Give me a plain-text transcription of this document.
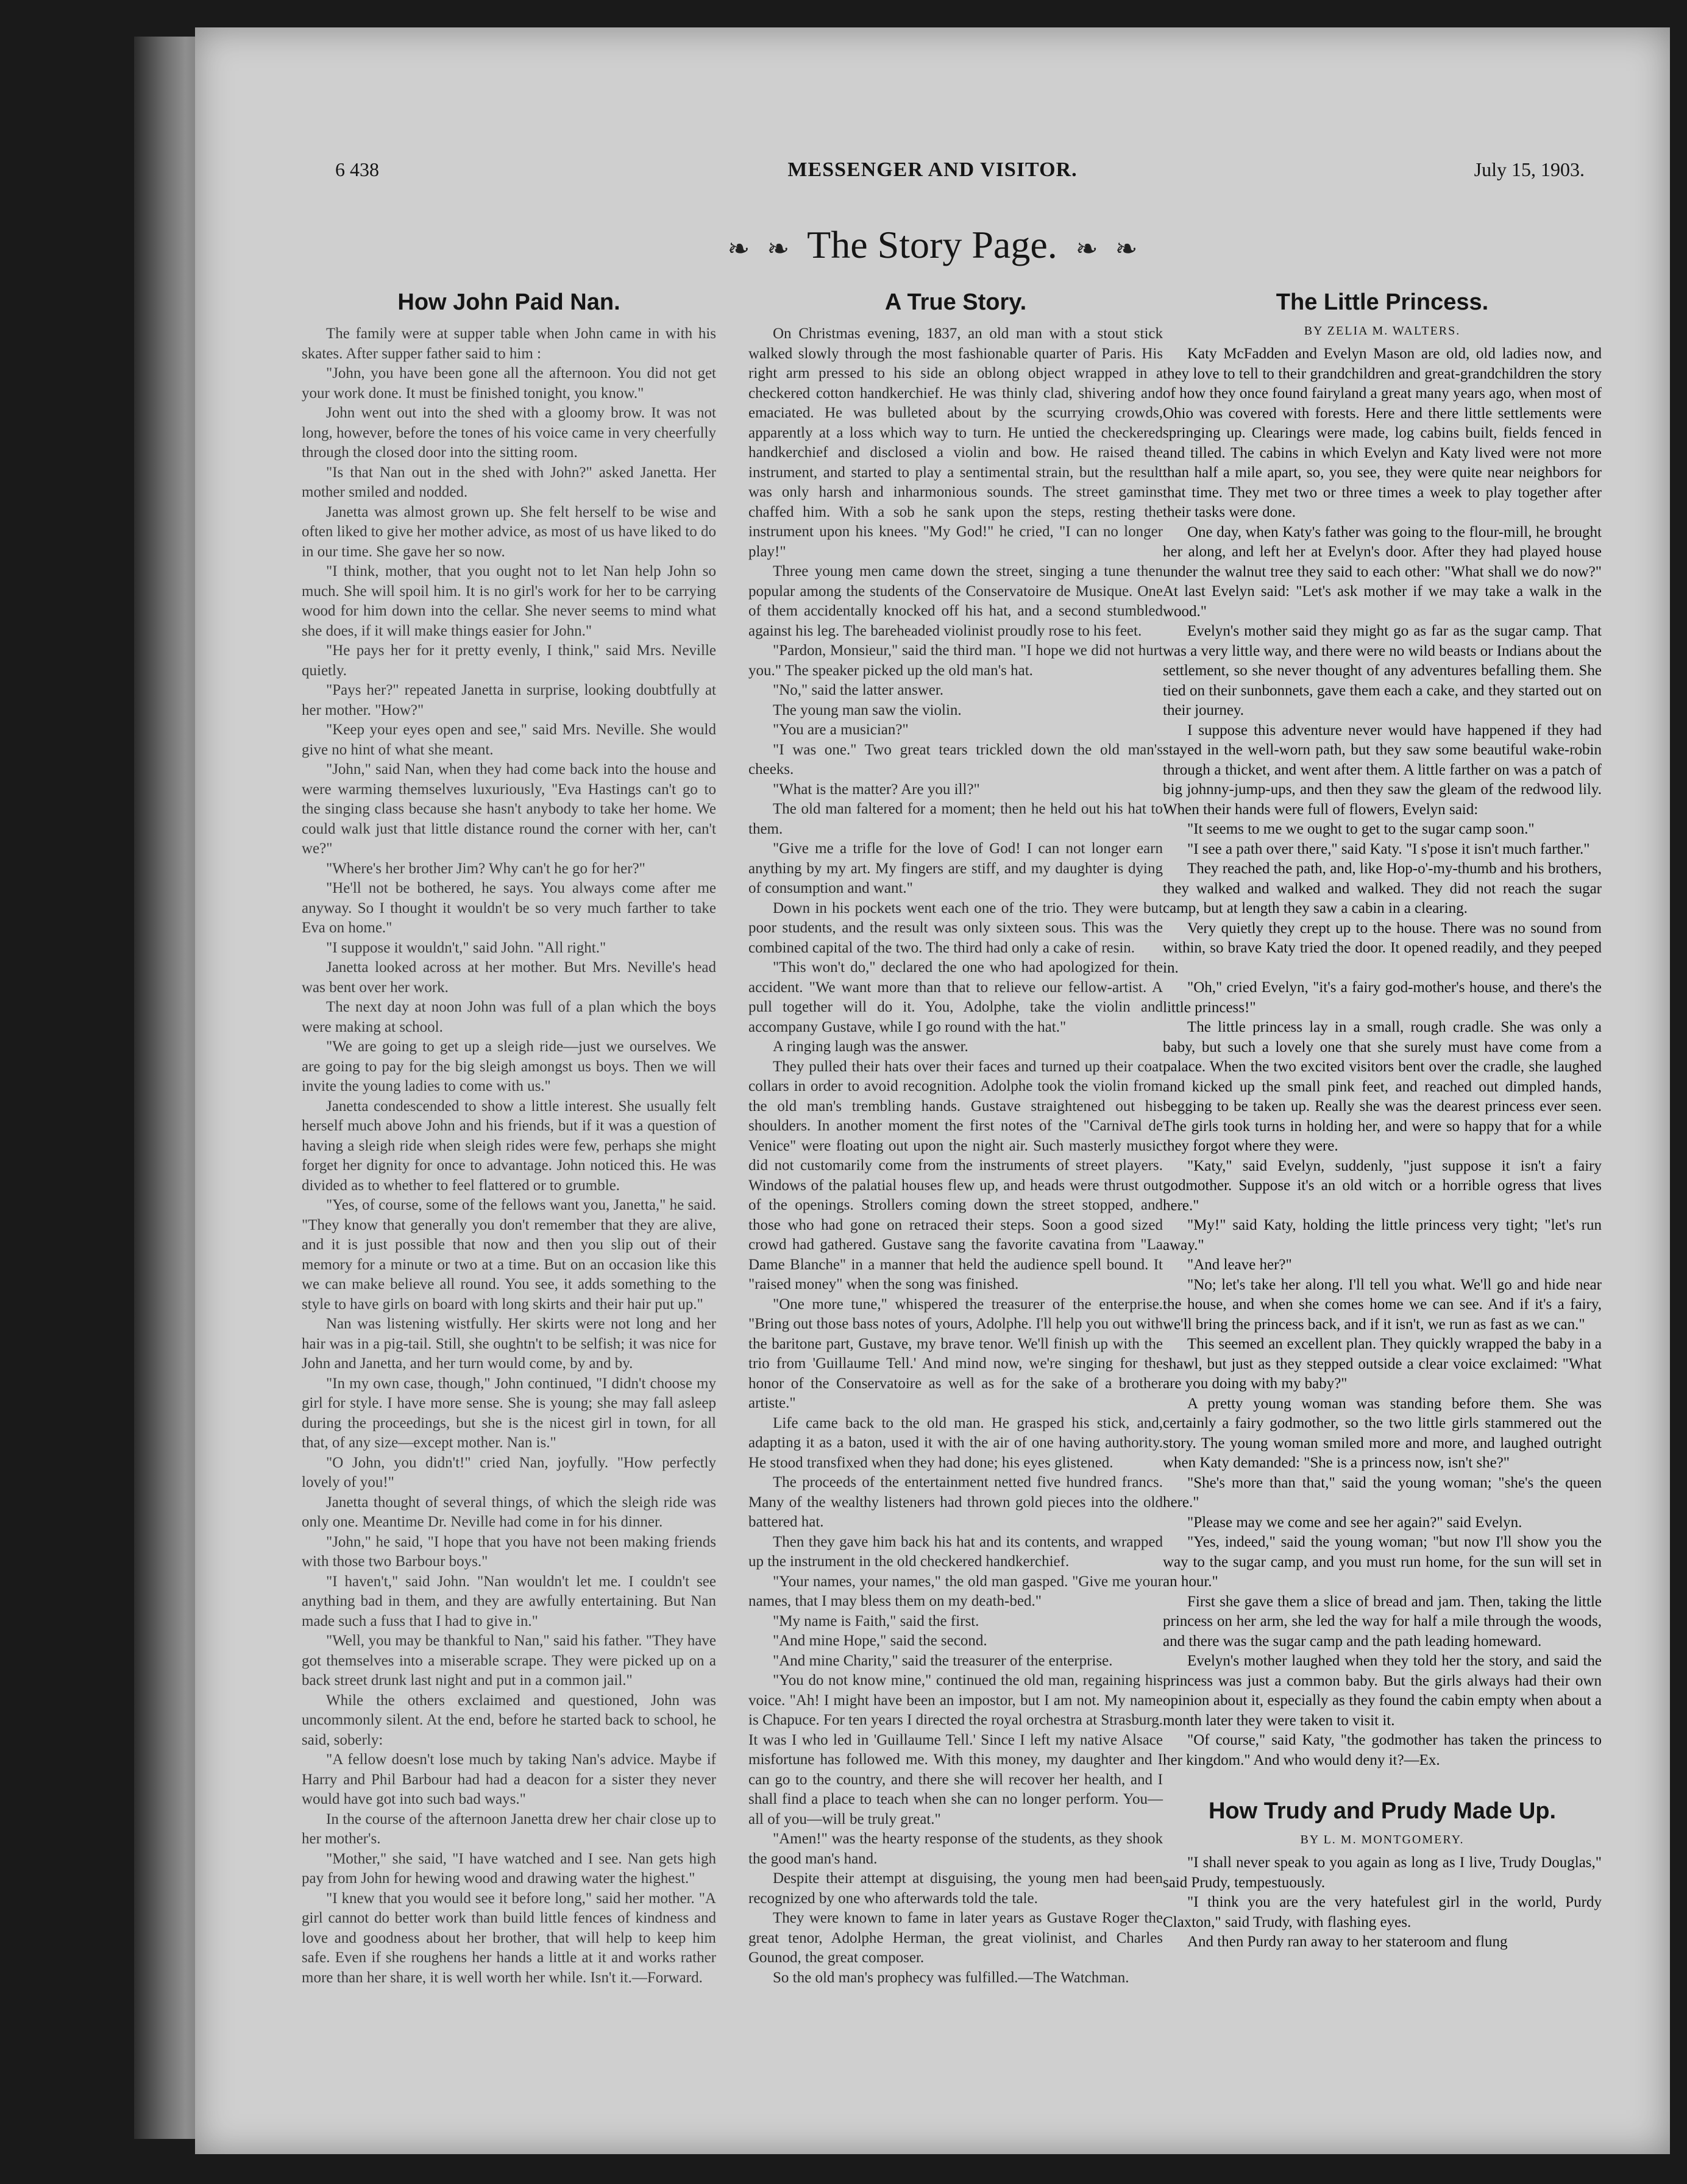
6 438	MESSENGER AND VISITOR.	July 15, 1903.
❧ ❧ The Story Page. ❧ ❧
How John Paid Nan.

The family were at supper table when John came in with his skates. After supper father said to him :

"John, you have been gone all the afternoon. You did not get your work done. It must be finished tonight, you know."

John went out into the shed with a gloomy brow. It was not long, however, before the tones of his voice came in very cheerfully through the closed door into the sitting room.

"Is that Nan out in the shed with John?" asked Janetta. Her mother smiled and nodded.

Janetta was almost grown up. She felt herself to be wise and often liked to give her mother advice, as most of us have liked to do in our time. She gave her so now.

"I think, mother, that you ought not to let Nan help John so much. She will spoil him. It is no girl's work for her to be carrying wood for him down into the cellar. She never seems to mind what she does, if it will make things easier for John."

"He pays her for it pretty evenly, I think," said Mrs. Neville quietly.

"Pays her?" repeated Janetta in surprise, looking doubtfully at her mother. "How?"

"Keep your eyes open and see," said Mrs. Neville. She would give no hint of what she meant.

"John," said Nan, when they had come back into the house and were warming themselves luxuriously, "Eva Hastings can't go to the singing class because she hasn't anybody to take her home. We could walk just that little distance round the corner with her, can't we?"

"Where's her brother Jim? Why can't he go for her?"

"He'll not be bothered, he says. You always come after me anyway. So I thought it wouldn't be so very much farther to take Eva on home."

"I suppose it wouldn't," said John. "All right."

Janetta looked across at her mother. But Mrs. Neville's head was bent over her work.

The next day at noon John was full of a plan which the boys were making at school.

"We are going to get up a sleigh ride—just we ourselves. We are going to pay for the big sleigh amongst us boys. Then we will invite the young ladies to come with us."

Janetta condescended to show a little interest. She usually felt herself much above John and his friends, but if it was a question of having a sleigh ride when sleigh rides were few, perhaps she might forget her dignity for once to advantage. John noticed this. He was divided as to whether to feel flattered or to grumble.

"Yes, of course, some of the fellows want you, Janetta," he said. "They know that generally you don't remember that they are alive, and it is just possible that now and then you slip out of their memory for a minute or two at a time. But on an occasion like this we can make believe all round. You see, it adds something to the style to have girls on board with long skirts and their hair put up."

Nan was listening wistfully. Her skirts were not long and her hair was in a pig-tail. Still, she oughtn't to be selfish; it was nice for John and Janetta, and her turn would come, by and by.

"In my own case, though," John continued, "I didn't choose my girl for style. I have more sense. She is young; she may fall asleep during the proceedings, but she is the nicest girl in town, for all that, of any size—except mother. Nan is."

"O John, you didn't!" cried Nan, joyfully. "How perfectly lovely of you!"

Janetta thought of several things, of which the sleigh ride was only one. Meantime Dr. Neville had come in for his dinner.

"John," he said, "I hope that you have not been making friends with those two Barbour boys."

"I haven't," said John. "Nan wouldn't let me. I couldn't see anything bad in them, and they are awfully entertaining. But Nan made such a fuss that I had to give in."

"Well, you may be thankful to Nan," said his father. "They have got themselves into a miserable scrape. They were picked up on a back street drunk last night and put in a common jail."

While the others exclaimed and questioned, John was uncommonly silent. At the end, before he started back to school, he said, soberly:

"A fellow doesn't lose much by taking Nan's advice. Maybe if Harry and Phil Barbour had had a deacon for a sister they never would have got into such bad ways."

In the course of the afternoon Janetta drew her chair close up to her mother's.

"Mother," she said, "I have watched and I see. Nan gets high pay from John for hewing wood and drawing water the highest."

"I knew that you would see it before long," said her mother. "A girl cannot do better work than build little fences of kindness and love and goodness about her brother, that will help to keep him safe. Even if she roughens her hands a little at it and works rather more than her share, it is well worth her while. Isn't it.—Forward.

A True Story.

On Christmas evening, 1837, an old man with a stout stick walked slowly through the most fashionable quarter of Paris. His right arm pressed to his side an oblong object wrapped in a checkered cotton handkerchief. He was thinly clad, shivering and emaciated. He was bulleted about by the scurrying crowds, apparently at a loss which way to turn. He untied the checkered handkerchief and disclosed a violin and bow. He raised the instrument, and started to play a sentimental strain, but the result was only harsh and inharmonious sounds. The street gamins chaffed him. With a sob he sank upon the steps, resting the instrument upon his knees. "My God!" he cried, "I can no longer play!"

Three young men came down the street, singing a tune then popular among the students of the Conservatoire de Musique. One of them accidentally knocked off his hat, and a second stumbled against his leg. The bareheaded violinist proudly rose to his feet.

"Pardon, Monsieur," said the third man. "I hope we did not hurt you." The speaker picked up the old man's hat.

"No," said the latter answer.

The young man saw the violin.

"You are a musician?"

"I was one." Two great tears trickled down the old man's cheeks.

"What is the matter? Are you ill?"

The old man faltered for a moment; then he held out his hat to them.

"Give me a trifle for the love of God! I can not longer earn anything by my art. My fingers are stiff, and my daughter is dying of consumption and want."

Down in his pockets went each one of the trio. They were but poor students, and the result was only sixteen sous. This was the combined capital of the two. The third had only a cake of resin.

"This won't do," declared the one who had apologized for the accident. "We want more than that to relieve our fellow-artist. A pull together will do it. You, Adolphe, take the violin and accompany Gustave, while I go round with the hat."

A ringing laugh was the answer.

They pulled their hats over their faces and turned up their coat collars in order to avoid recognition. Adolphe took the violin from the old man's trembling hands. Gustave straightened out his shoulders. In another moment the first notes of the "Carnival de Venice" were floating out upon the night air. Such masterly music did not customarily come from the instruments of street players. Windows of the palatial houses flew up, and heads were thrust out of the openings. Strollers coming down the street stopped, and those who had gone on retraced their steps. Soon a good sized crowd had gathered. Gustave sang the favorite cavatina from "La Dame Blanche" in a manner that held the audience spell bound. It "raised money" when the song was finished.

"One more tune," whispered the treasurer of the enterprise. "Bring out those bass notes of yours, Adolphe. I'll help you out with the baritone part, Gustave, my brave tenor. We'll finish up with the trio from 'Guillaume Tell.' And mind now, we're singing for the honor of the Conservatoire as well as for the sake of a brother artiste."

Life came back to the old man. He grasped his stick, and, adapting it as a baton, used it with the air of one having authority. He stood transfixed when they had done; his eyes glistened.

The proceeds of the entertainment netted five hundred francs. Many of the wealthy listeners had thrown gold pieces into the old battered hat.

Then they gave him back his hat and its contents, and wrapped up the instrument in the old checkered handkerchief.

"Your names, your names," the old man gasped. "Give me your names, that I may bless them on my death-bed."

"My name is Faith," said the first.

"And mine Hope," said the second.

"And mine Charity," said the treasurer of the enterprise.

"You do not know mine," continued the old man, regaining his voice. "Ah! I might have been an impostor, but I am not. My name is Chapuce. For ten years I directed the royal orchestra at Strasburg. It was I who led in 'Guillaume Tell.' Since I left my native Alsace misfortune has followed me. With this money, my daughter and I can go to the country, and there she will recover her health, and I shall find a place to teach when she can no longer perform. You—all of you—will be truly great."

"Amen!" was the hearty response of the students, as they shook the good man's hand.

Despite their attempt at disguising, the young men had been recognized by one who afterwards told the tale.

They were known to fame in later years as Gustave Roger the great tenor, Adolphe Herman, the great violinist, and Charles Gounod, the great composer.

So the old man's prophecy was fulfilled.—The Watchman.

The Little Princess.
BY ZELIA M. WALTERS.

Katy McFadden and Evelyn Mason are old, old ladies now, and they love to tell to their grandchildren and great-grandchildren the story of how they once found fairyland a great many years ago, when most of Ohio was covered with forests. Here and there little settlements were springing up. Clearings were made, log cabins built, fields fenced in and tilled. The cabins in which Evelyn and Katy lived were not more than half a mile apart, so, you see, they were quite near neighbors for that time. They met two or three times a week to play together after their tasks were done.

One day, when Katy's father was going to the flour-mill, he brought her along, and left her at Evelyn's door. After they had played house under the walnut tree they said to each other: "What shall we do now?" At last Evelyn said: "Let's ask mother if we may take a walk in the wood."

Evelyn's mother said they might go as far as the sugar camp. That was a very little way, and there were no wild beasts or Indians about the settlement, so she never thought of any adventures befalling them. She tied on their sunbonnets, gave them each a cake, and they started out on their journey.

I suppose this adventure never would have happened if they had stayed in the well-worn path, but they saw some beautiful wake-robin through a thicket, and went after them. A little farther on was a patch of big johnny-jump-ups, and then they saw the gleam of the redwood lily. When their hands were full of flowers, Evelyn said:

"It seems to me we ought to get to the sugar camp soon."

"I see a path over there," said Katy. "I s'pose it isn't much farther."

They reached the path, and, like Hop-o'-my-thumb and his brothers, they walked and walked and walked. They did not reach the sugar camp, but at length they saw a cabin in a clearing.

Very quietly they crept up to the house. There was no sound from within, so brave Katy tried the door. It opened readily, and they peeped in.

"Oh," cried Evelyn, "it's a fairy god-mother's house, and there's the little princess!"

The little princess lay in a small, rough cradle. She was only a baby, but such a lovely one that she surely must have come from a palace. When the two excited visitors bent over the cradle, she laughed and kicked up the small pink feet, and reached out dimpled hands, begging to be taken up. Really she was the dearest princess ever seen. The girls took turns in holding her, and were so happy that for a while they forgot where they were.

"Katy," said Evelyn, suddenly, "just suppose it isn't a fairy godmother. Suppose it's an old witch or a horrible ogress that lives here."

"My!" said Katy, holding the little princess very tight; "let's run away."

"And leave her?"

"No; let's take her along. I'll tell you what. We'll go and hide near the house, and when she comes home we can see. And if it's a fairy, we'll bring the princess back, and if it isn't, we run as fast as we can."

This seemed an excellent plan. They quickly wrapped the baby in a shawl, but just as they stepped outside a clear voice exclaimed: "What are you doing with my baby?"

A pretty young woman was standing before them. She was certainly a fairy godmother, so the two little girls stammered out the story. The young woman smiled more and more, and laughed outright when Katy demanded: "She is a princess now, isn't she?"

"She's more than that," said the young woman; "she's the queen here."

"Please may we come and see her again?" said Evelyn.

"Yes, indeed," said the young woman; "but now I'll show you the way to the sugar camp, and you must run home, for the sun will set in an hour."

First she gave them a slice of bread and jam. Then, taking the little princess on her arm, she led the way for half a mile through the woods, and there was the sugar camp and the path leading homeward.

Evelyn's mother laughed when they told her the story, and said the princess was just a common baby. But the girls always had their own opinion about it, especially as they found the cabin empty when about a month later they were taken to visit it.

"Of course," said Katy, "the godmother has taken the princess to her kingdom." And who would deny it?—Ex.

How Trudy and Prudy Made Up.
BY L. M. MONTGOMERY.

"I shall never speak to you again as long as I live, Trudy Douglas," said Prudy, tempestuously.

"I think you are the very hatefulest girl in the world, Purdy Claxton," said Trudy, with flashing eyes.

And then Purdy ran away to her stateroom and flung
